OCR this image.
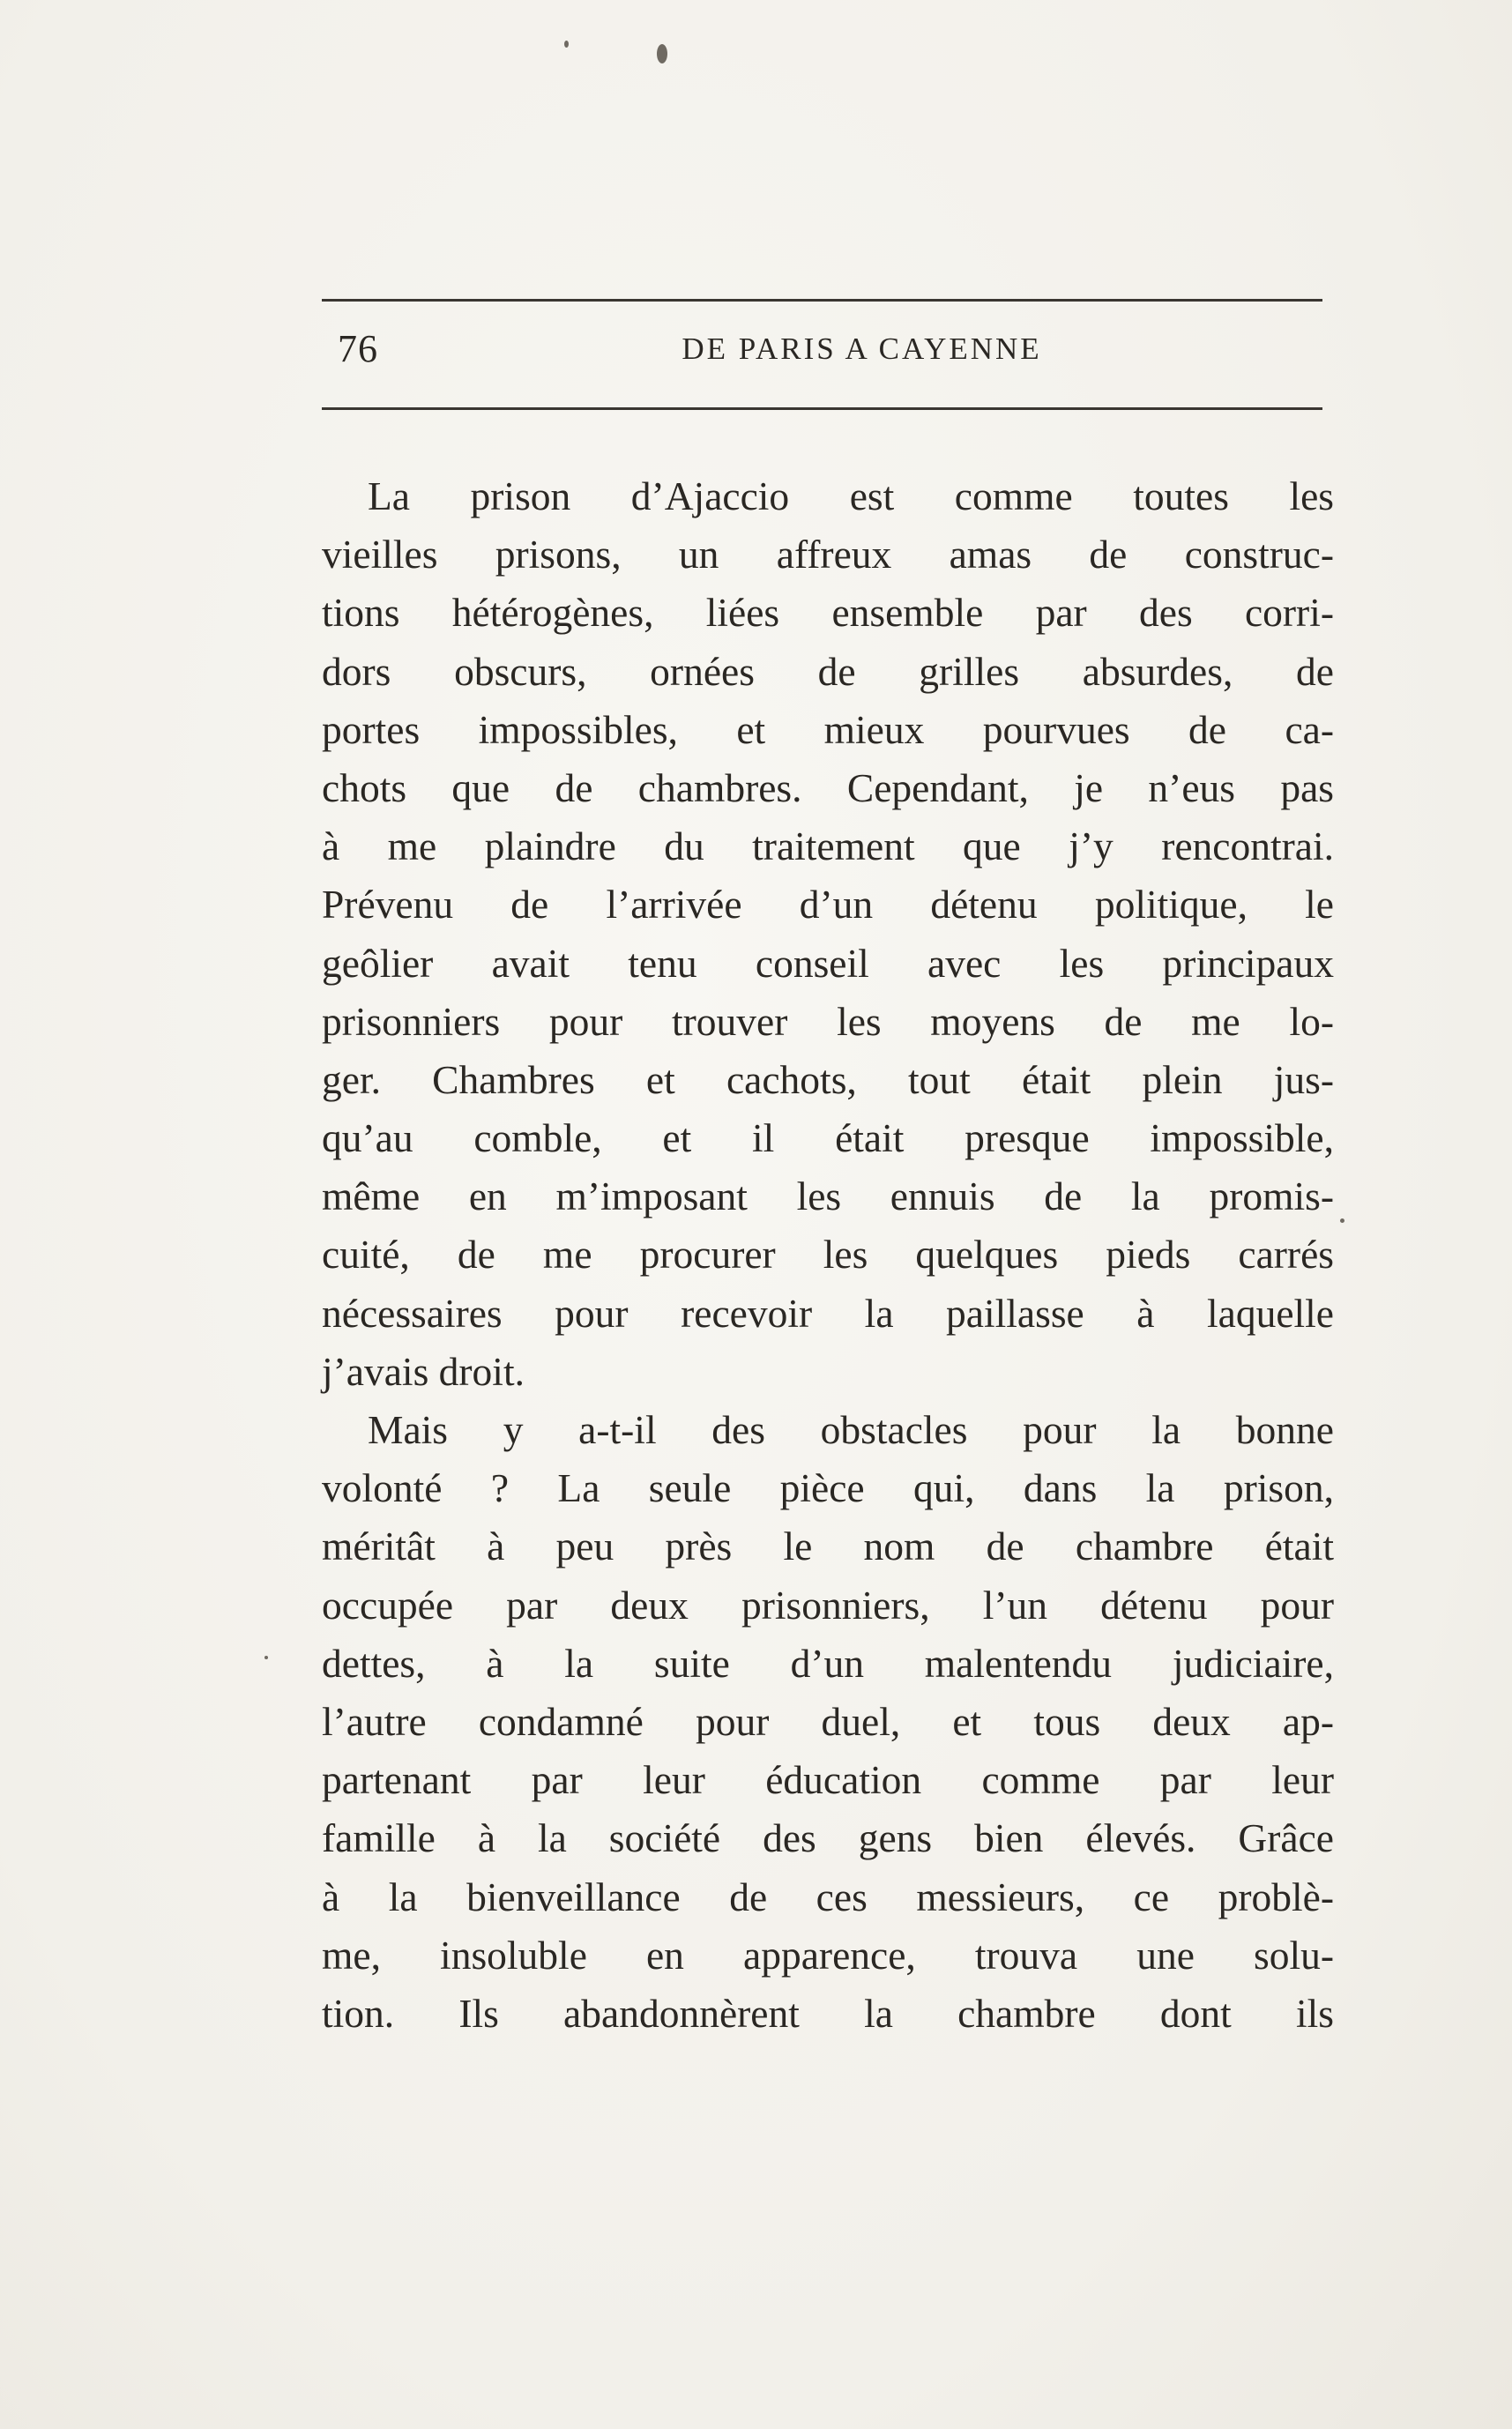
76	DE PARIS A CAYENNE

La prison d’Ajaccio est comme toutes les
vieilles prisons, un affreux amas de construc-
tions hétérogènes, liées ensemble par des corri-
dors obscurs, ornées de grilles absurdes, de
portes impossibles, et mieux pourvues de ca-
chots que de chambres. Cependant, je n’eus pas
à me plaindre du traitement que j’y rencontrai.
Prévenu de l’arrivée d’un détenu politique, le
geôlier avait tenu conseil avec les principaux
prisonniers pour trouver les moyens de me lo-
ger. Chambres et cachots, tout était plein jus-
qu’au comble, et il était presque impossible,
même en m’imposant les ennuis de la promis-
cuité, de me procurer les quelques pieds carrés
nécessaires pour recevoir la paillasse à laquelle
j’avais droit.

Mais y a-t-il des obstacles pour la bonne
volonté ? La seule pièce qui, dans la prison,
méritât à peu près le nom de chambre était
occupée par deux prisonniers, l’un détenu pour
dettes, à la suite d’un malentendu judiciaire,
l’autre condamné pour duel, et tous deux ap-
partenant par leur éducation comme par leur
famille à la société des gens bien élevés. Grâce
à la bienveillance de ces messieurs, ce problè-
me, insoluble en apparence, trouva une solu-
tion. Ils abandonnèrent la chambre dont ils
